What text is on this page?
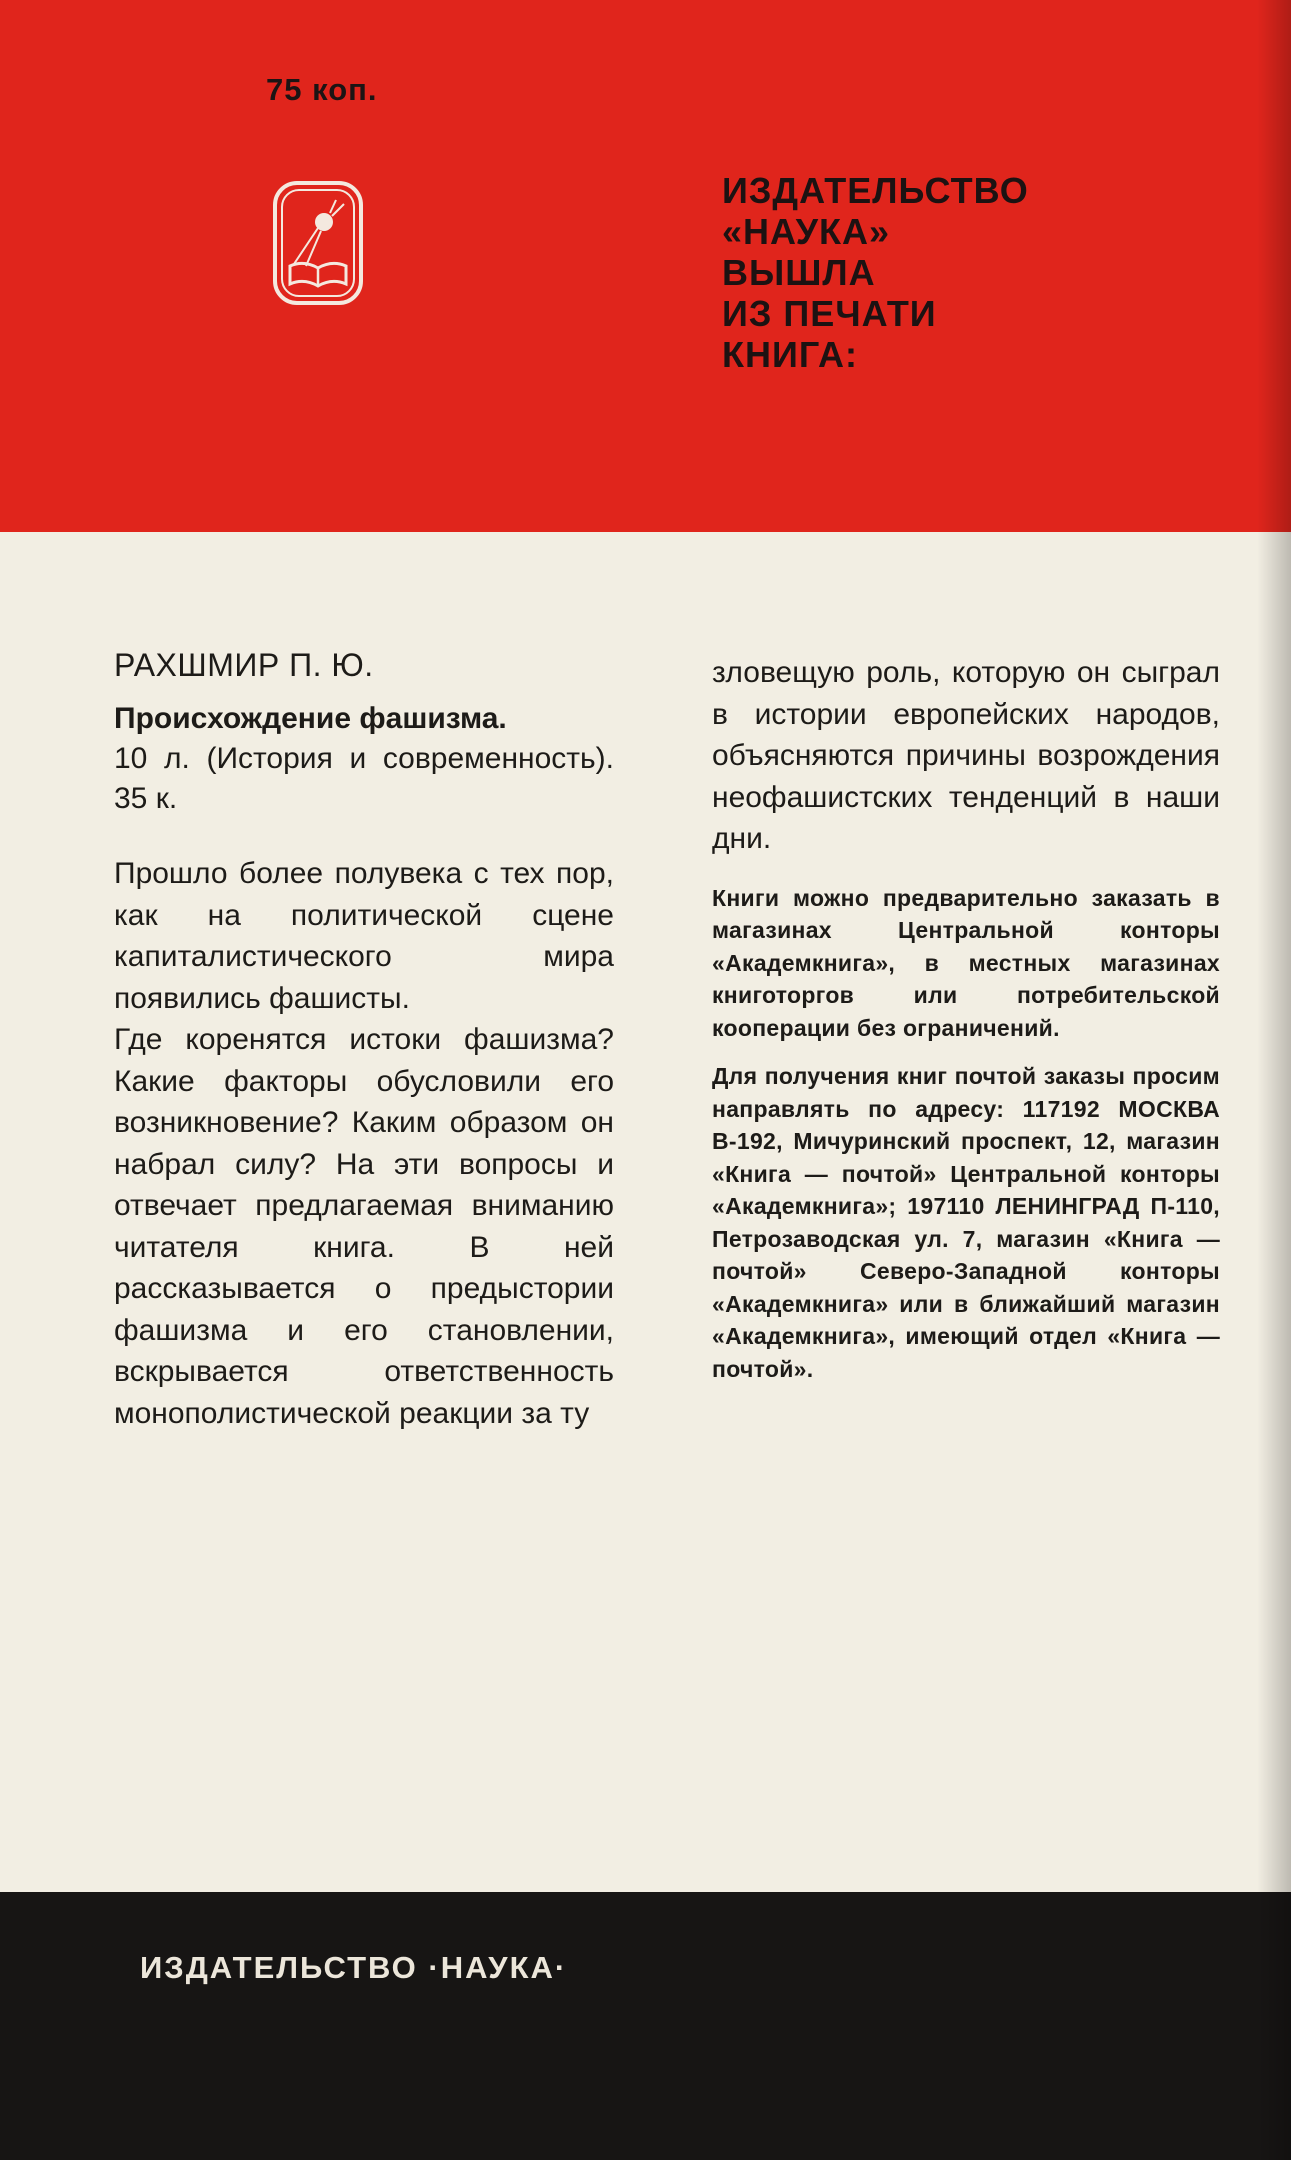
75 коп.
ИЗДАТЕЛЬСТВО
«НАУКА»
ВЫШЛА
ИЗ ПЕЧАТИ
КНИГА:
РАХШМИР П. Ю.
Происхождение фашизма.
10 л. (История и современность). 35 к.

Прошло более полувека с тех пор, как на политической сцене капиталистического мира появились фашисты.

Где коренятся истоки фашизма? Какие факторы обусловили его возникновение? Каким образом он набрал силу? На эти вопросы и отвечает предлагаемая вниманию читателя книга. В ней рассказывается о предыстории фашизма и его становлении, вскрывается ответственность монополистической реакции за ту

зловещую роль, которую он сыграл в истории европейских народов, объясняются причины возрождения неофашистских тенденций в наши дни.
Книги можно предварительно заказать в магазинах Центральной конторы «Академкнига», в местных магазинах книготоргов или потребительской кооперации без ограничений.
Для получения книг почтой заказы просим направлять по адресу: 117192 МОСКВА В-192, Мичуринский проспект, 12, магазин «Книга — почтой» Центральной конторы «Академкнига»; 197110 ЛЕНИНГРАД П-110, Петрозаводская ул. 7, магазин «Книга — почтой» Северо-Западной конторы «Академкнига» или в ближайший магазин «Академкнига», имеющий отдел «Книга — почтой».
ИЗДАТЕЛЬСТВО ·НАУКА·
